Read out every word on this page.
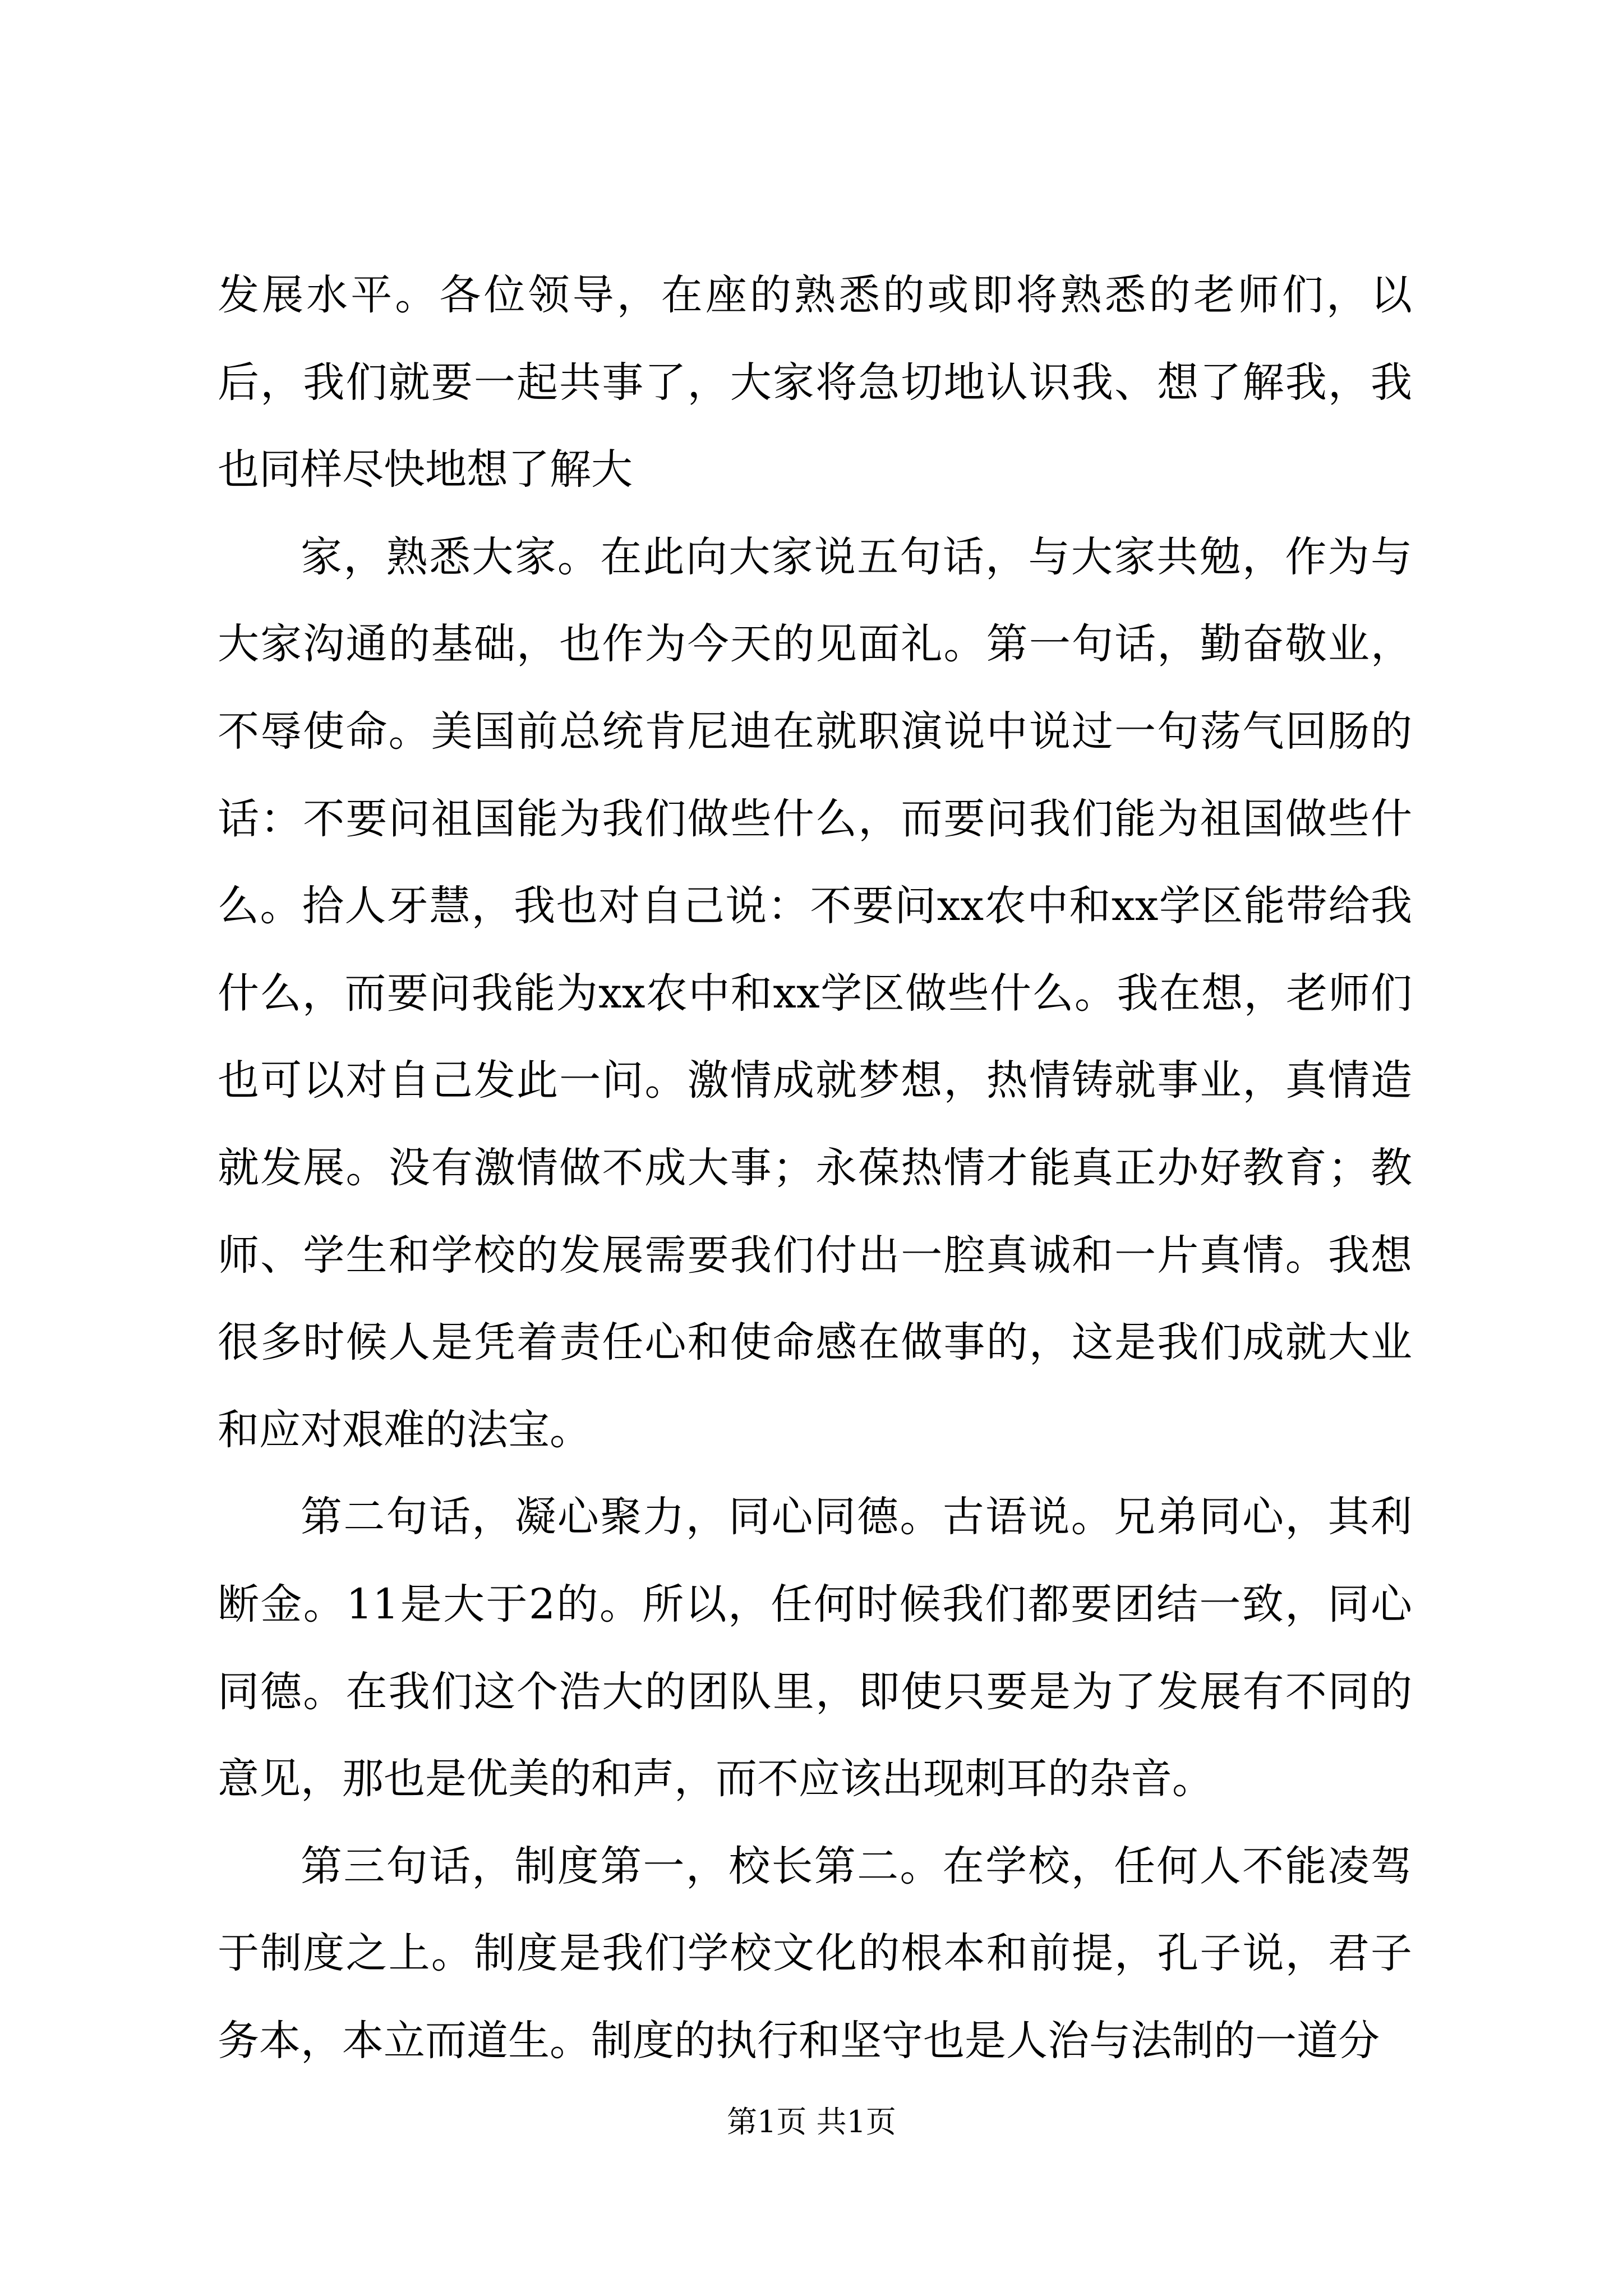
发展水平。各位领导，在座的熟悉的或即将熟悉的老师们，以后，我们就要一起共事了，大家将急切地认识我、想了解我，我也同样尽快地想了解大

家，熟悉大家。在此向大家说五句话，与大家共勉，作为与大家沟通的基础，也作为今天的见面礼。第一句话，勤奋敬业，不辱使命。美国前总统肯尼迪在就职演说中说过一句荡气回肠的话：不要问祖国能为我们做些什么，而要问我们能为祖国做些什么。拾人牙慧，我也对自己说：不要问xx农中和xx学区能带给我什么，而要问我能为xx农中和xx学区做些什么。我在想，老师们也可以对自己发此一问。激情成就梦想，热情铸就事业，真情造就发展。没有激情做不成大事；永葆热情才能真正办好教育；教师、学生和学校的发展需要我们付出一腔真诚和一片真情。我想很多时候人是凭着责任心和使命感在做事的，这是我们成就大业和应对艰难的法宝。

第二句话，凝心聚力，同心同德。古语说。兄弟同心，其利断金。11是大于2的。所以，任何时候我们都要团结一致，同心同德。在我们这个浩大的团队里，即使只要是为了发展有不同的意见，那也是优美的和声，而不应该出现刺耳的杂音。

第三句话，制度第一，校长第二。在学校，任何人不能凌驾于制度之上。制度是我们学校文化的根本和前提，孔子说，君子务本，本立而道生。制度的执行和坚守也是人治与法制的一道分

第1页 共1页
